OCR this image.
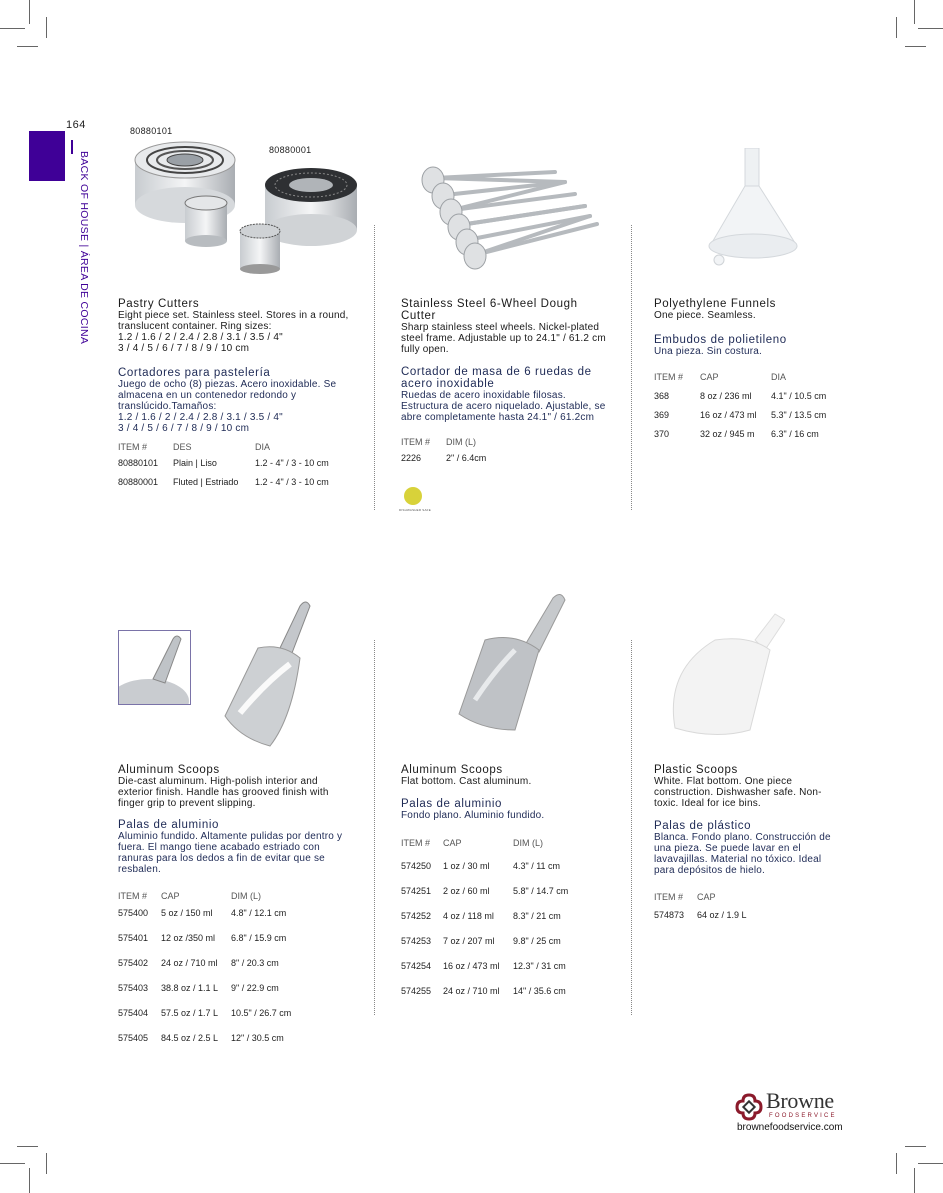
164
BACK OF HOUSE | ÁREA DE COCINA
80880101
80880001
Pastry Cutters
Eight piece set. Stainless steel. Stores in a round, translucent container. Ring sizes:
1.2 / 1.6 / 2 / 2.4 / 2.8 / 3.1 / 3.5 / 4"
3 / 4 / 5 / 6 / 7 / 8 / 9 / 10 cm
Cortadores para pastelería
Juego de ocho (8) piezas. Acero inoxidable. Se almacena en un contenedor redondo y translúcido.Tamaños:
1.2 / 1.6 / 2 / 2.4 / 2.8 / 3.1 / 3.5 / 4"
3 / 4 / 5 / 6 / 7 / 8 / 9 / 10 cm
ITEM #	DES	DIA
80880101	Plain | Liso	1.2 - 4" / 3 - 10 cm
80880001	Fluted | Estriado	1.2 - 4" / 3 - 10 cm
Stainless Steel 6-Wheel Dough Cutter
Sharp stainless steel wheels. Nickel-plated steel frame. Adjustable up to 24.1" / 61.2 cm fully open.
Cortador de masa de 6 ruedas de acero inoxidable
Ruedas de acero inoxidable filosas. Estructura de acero niquelado. Ajustable, se abre completamente hasta 24.1" / 61.2cm
ITEM #	DIM (L)
2226	2" / 6.4cm
DISHWASHER SAFE
Polyethylene Funnels
One piece. Seamless.
Embudos de polietileno
Una pieza. Sin costura.
ITEM #	CAP	DIA
368	8 oz / 236 ml	4.1" / 10.5 cm
369	16 oz / 473 ml	5.3" / 13.5 cm
370	32 oz / 945 m	6.3" / 16 cm
Aluminum Scoops
Die-cast aluminum. High-polish interior and exterior finish. Handle has grooved finish with finger grip to prevent slipping.
Palas de aluminio
Aluminio fundido. Altamente pulidas por dentro y fuera. El mango tiene acabado estriado con ranuras para los dedos a fin de evitar que se resbalen.
ITEM #	CAP	DIM (L)
575400	5 oz / 150 ml	4.8" / 12.1 cm
575401	12 oz /350 ml	6.8" / 15.9 cm
575402	24 oz / 710 ml	8" / 20.3 cm
575403	38.8 oz / 1.1 L	9" / 22.9 cm
575404	57.5 oz / 1.7 L	10.5" / 26.7 cm
575405	84.5 oz / 2.5 L	12" / 30.5 cm
Aluminum Scoops
Flat bottom. Cast aluminum.
Palas de aluminio
Fondo plano. Aluminio fundido.
ITEM #	CAP	DIM (L)
574250	1 oz / 30 ml	4.3" / 11 cm
574251	2 oz / 60 ml	5.8" / 14.7 cm
574252	4 oz / 118 ml	8.3" / 21 cm
574253	7 oz / 207 ml	9.8" / 25 cm
574254	16 oz / 473 ml	12.3" / 31 cm
574255	24 oz / 710 ml	14" / 35.6 cm
Plastic Scoops
White. Flat bottom. One piece construction. Dishwasher safe. Non-toxic. Ideal for ice bins.
Palas de plástico
Blanca. Fondo plano. Construcción de una pieza. Se puede lavar en el lavavajillas. Material no tóxico. Ideal para depósitos de hielo.
ITEM #	CAP
574873	64 oz / 1.9 L
Browne
FOODSERVICE
brownefoodservice.com
